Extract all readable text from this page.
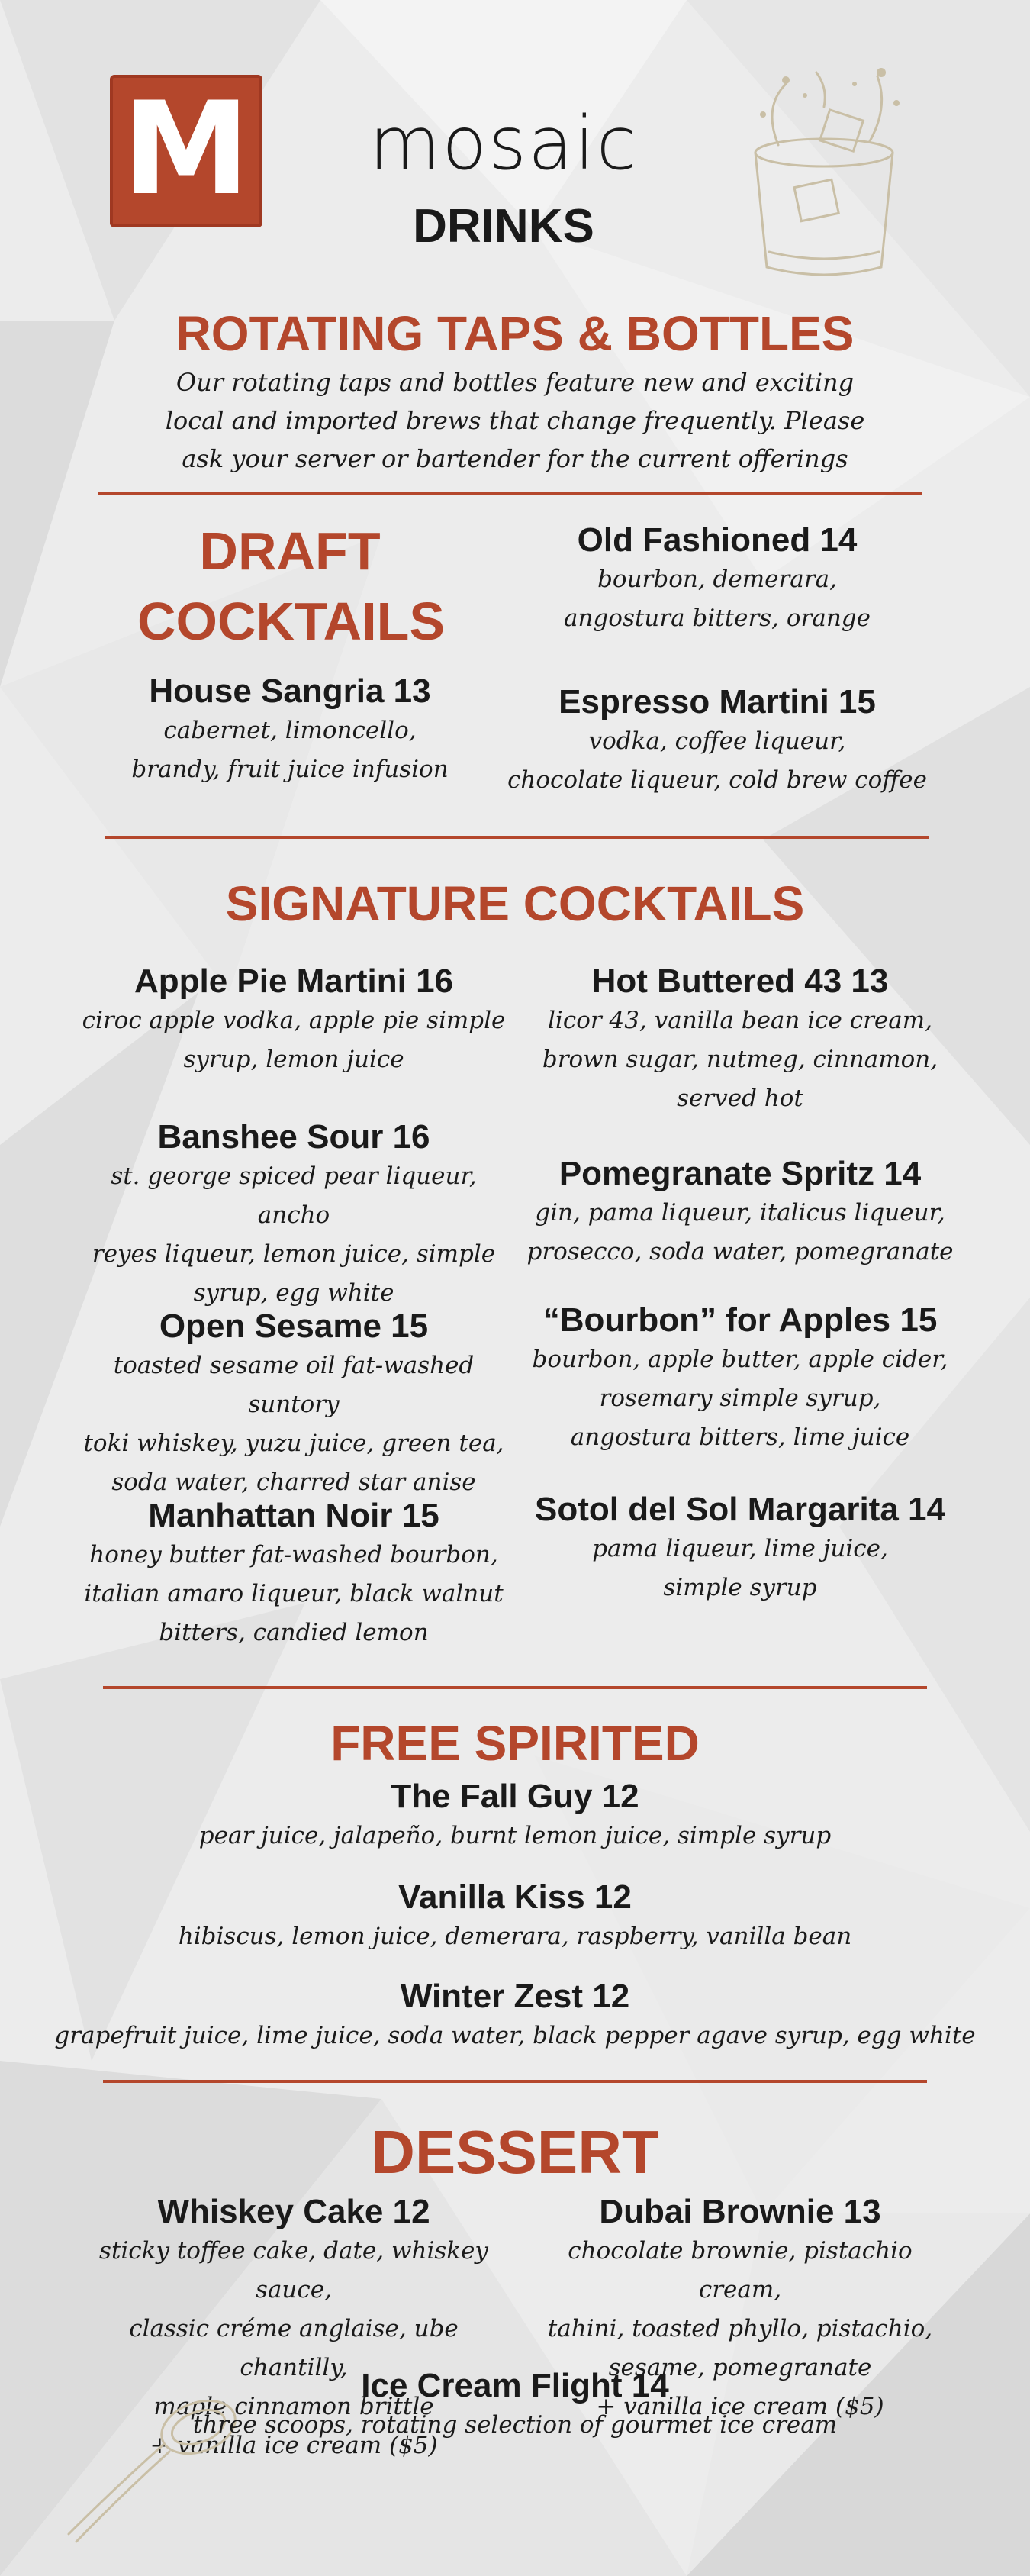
M	mosaic
DRINKS
ROTATING TAPS & BOTTLES
Our rotating taps and bottles feature new and exciting
local and imported brews that change frequently. Please
ask your server or bartender for the current offerings
DRAFT
COCKTAILS
House Sangria 13
cabernet, limoncello,
brandy, fruit juice infusion
Old Fashioned 14
bourbon, demerara,
angostura bitters, orange
Espresso Martini 15
vodka, coffee liqueur,
chocolate liqueur, cold brew coffee
SIGNATURE COCKTAILS
Apple Pie Martini 16
ciroc apple vodka, apple pie simple
syrup, lemon juice
Banshee Sour 16
st. george spiced pear liqueur, ancho
reyes liqueur, lemon juice, simple
syrup, egg white
Open Sesame 15
toasted sesame oil fat-washed suntory
toki whiskey, yuzu juice, green tea,
soda water, charred star anise
Manhattan Noir 15
honey butter fat-washed bourbon,
italian amaro liqueur, black walnut
bitters, candied lemon
Hot Buttered 43 13
licor 43, vanilla bean ice cream,
brown sugar, nutmeg, cinnamon,
served hot
Pomegranate Spritz 14
gin, pama liqueur, italicus liqueur,
prosecco, soda water, pomegranate
“Bourbon” for Apples 15
bourbon, apple butter, apple cider,
rosemary simple syrup,
angostura bitters, lime juice
Sotol del Sol Margarita 14
pama liqueur, lime juice,
simple syrup
FREE SPIRITED
The Fall Guy 12
pear juice, jalapeño, burnt lemon juice, simple syrup
Vanilla Kiss 12
hibiscus, lemon juice, demerara, raspberry, vanilla bean
Winter Zest 12
grapefruit juice, lime juice, soda water, black pepper agave syrup, egg white
DESSERT
Whiskey Cake 12
sticky toffee cake, date, whiskey sauce,
classic créme anglaise, ube chantilly,
maple cinnamon brittle
+ vanilla ice cream ($5)
Dubai Brownie 13
chocolate brownie, pistachio cream,
tahini, toasted phyllo, pistachio,
sesame, pomegranate
+ vanilla ice cream ($5)
Ice Cream Flight 14
three scoops, rotating selection of gourmet ice cream
